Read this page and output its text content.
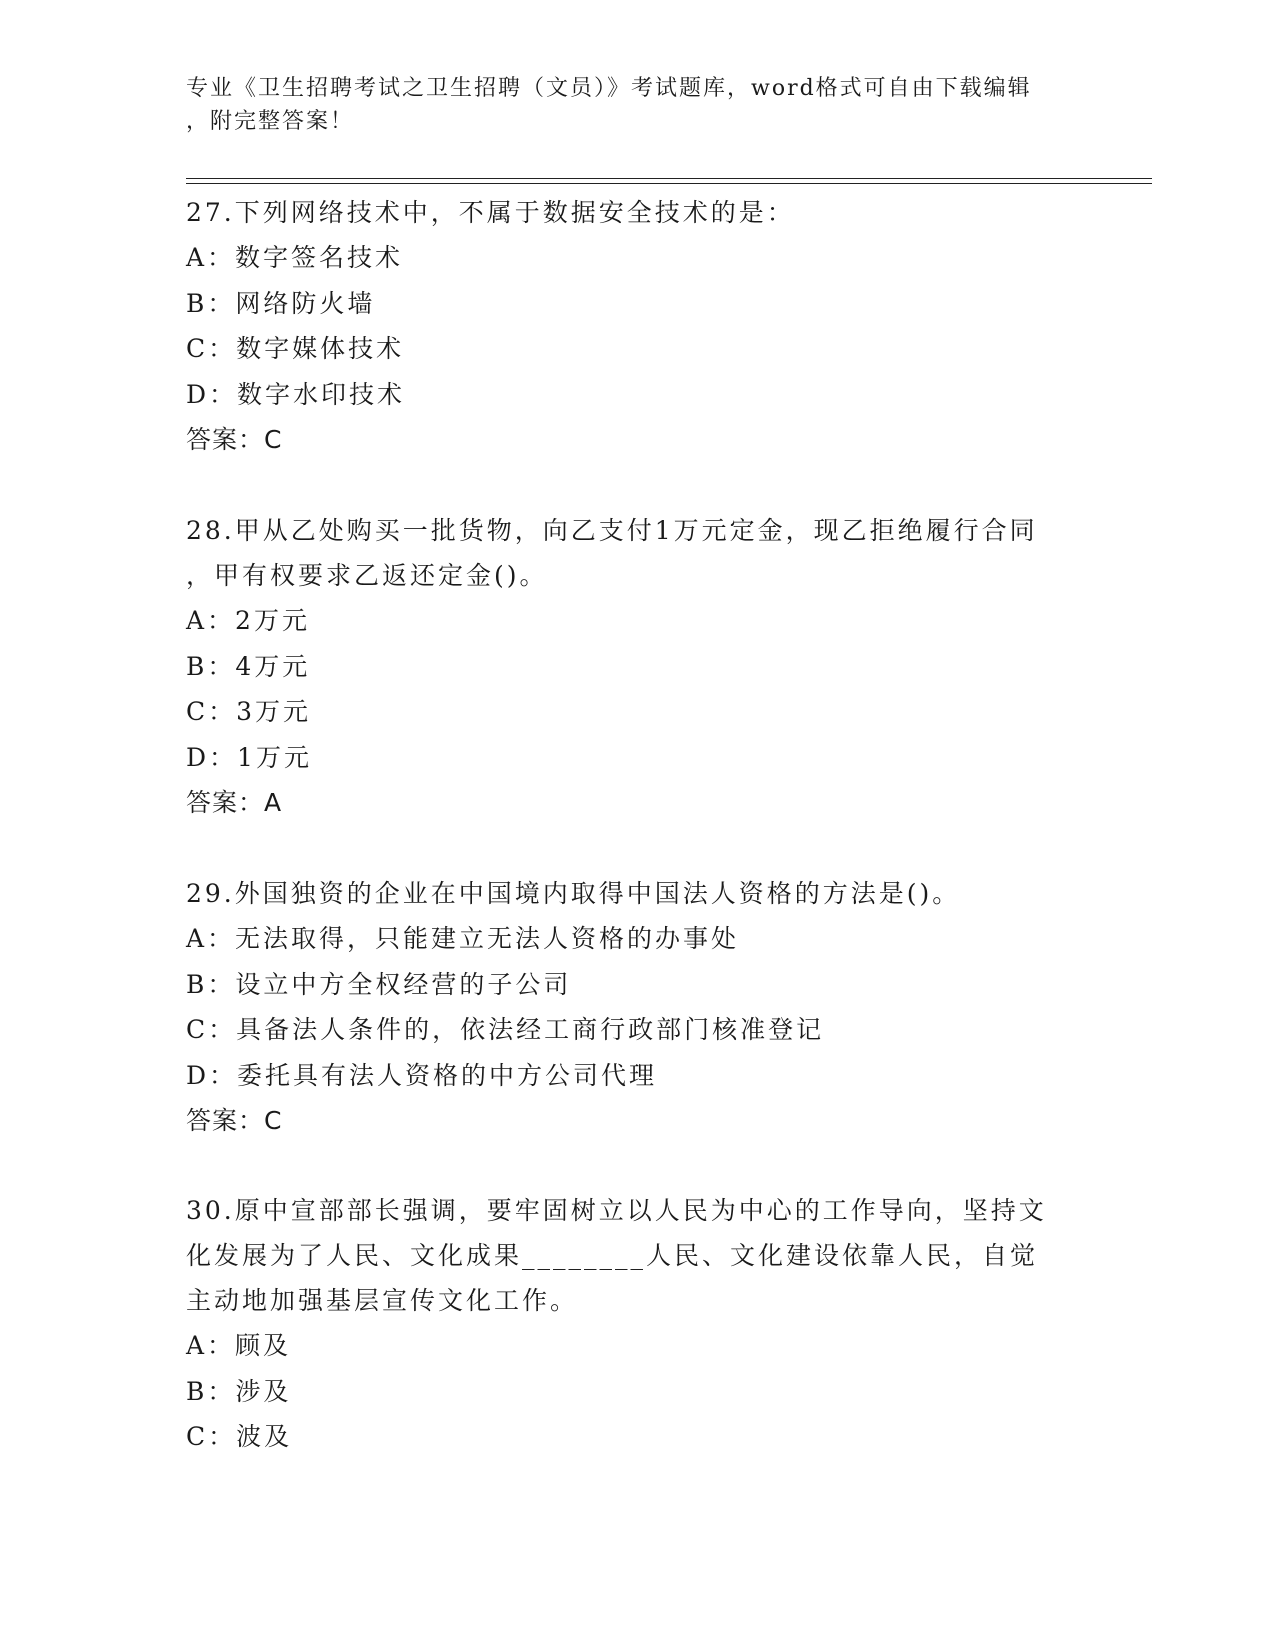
专业《卫生招聘考试之卫生招聘（文员）》考试题库，word格式可自由下载编辑
，附完整答案！
27.下列网络技术中，不属于数据安全技术的是：
A：数字签名技术
B：网络防火墙
C：数字媒体技术
D：数字水印技术
答案：C
28.甲从乙处购买一批货物，向乙支付1万元定金，现乙拒绝履行合同
，甲有权要求乙返还定金()。
A：2万元
B：4万元
C：3万元
D：1万元
答案：A
29.外国独资的企业在中国境内取得中国法人资格的方法是()。
A：无法取得，只能建立无法人资格的办事处
B：设立中方全权经营的子公司
C：具备法人条件的，依法经工商行政部门核准登记
D：委托具有法人资格的中方公司代理
答案：C
30.原中宣部部长强调，要牢固树立以人民为中心的工作导向，坚持文
化发展为了人民、文化成果________人民、文化建设依靠人民，自觉
主动地加强基层宣传文化工作。
A：顾及
B：涉及
C：波及
